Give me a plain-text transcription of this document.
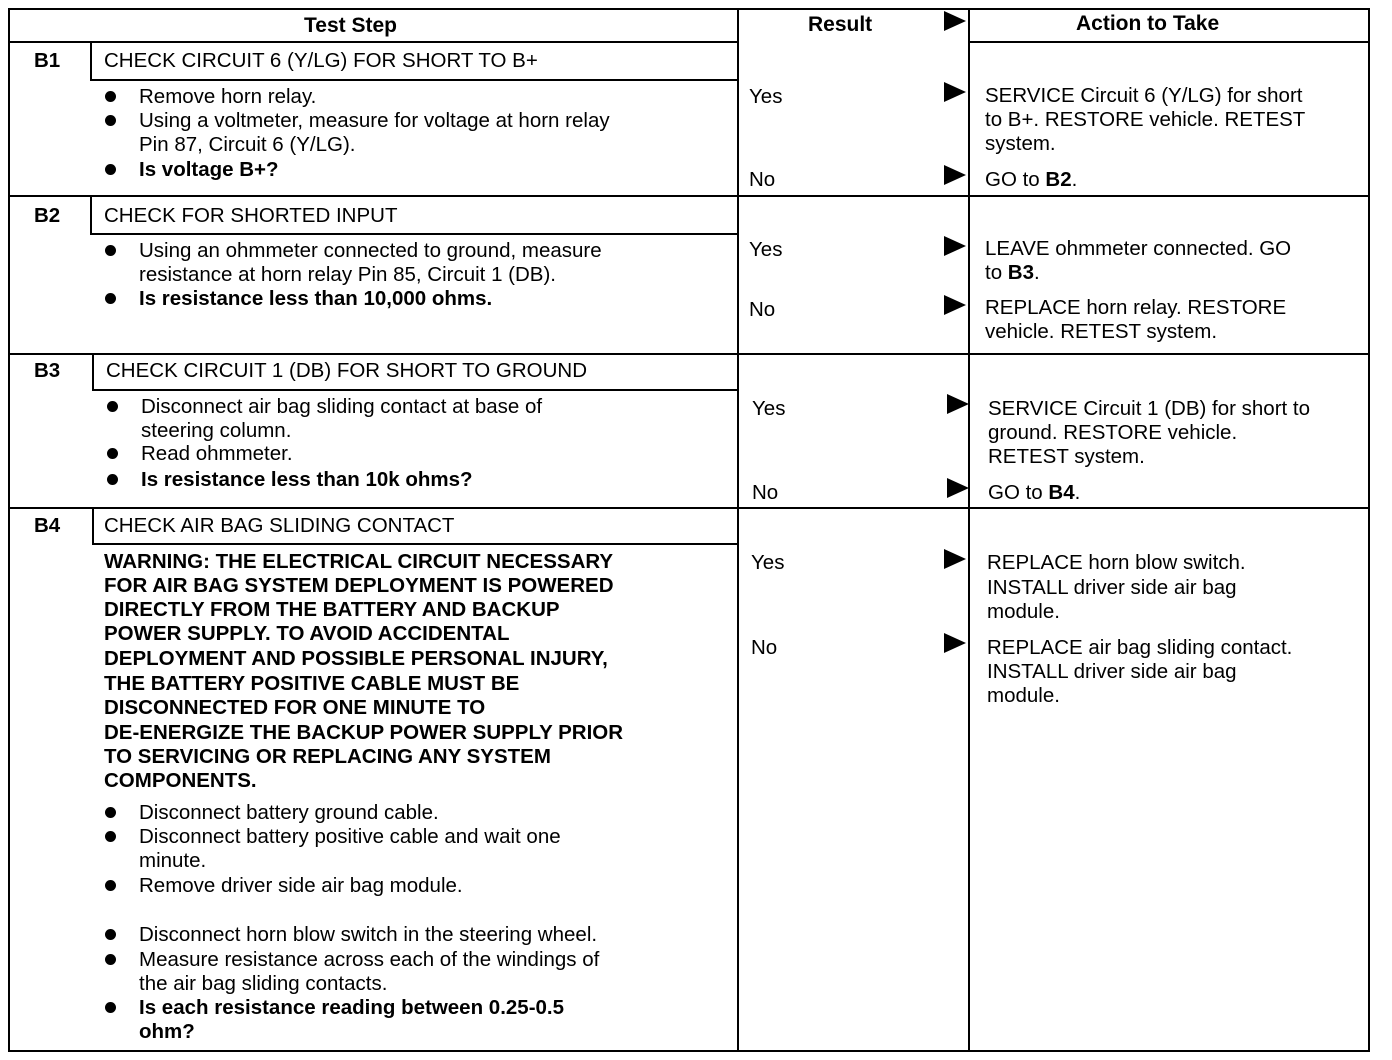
Test Step	Result	Action to Take
B1 CHECK CIRCUIT 6 (Y/LG) FOR SHORT TO B+
Remove horn relay.
Using a voltmeter, measure for voltage at horn relay
Pin 87, Circuit 6 (Y/LG).
Is voltage B+?
Yes	SERVICE Circuit 6 (Y/LG) for short
to B+. RESTORE vehicle. RETEST
system.
No	GO to B2.
B2 CHECK FOR SHORTED INPUT
Using an ohmmeter connected to ground, measure
resistance at horn relay Pin 85, Circuit 1 (DB).
Is resistance less than 10,000 ohms.
Yes	LEAVE ohmmeter connected. GO
to B3.
No	REPLACE horn relay. RESTORE
vehicle. RETEST system.
B3 CHECK CIRCUIT 1 (DB) FOR SHORT TO GROUND
Disconnect air bag sliding contact at base of
steering column.
Read ohmmeter.
Is resistance less than 10k ohms?
Yes	SERVICE Circuit 1 (DB) for short to
ground. RESTORE vehicle.
RETEST system.
No	GO to B4.
B4 CHECK AIR BAG SLIDING CONTACT
WARNING: THE ELECTRICAL CIRCUIT NECESSARY
FOR AIR BAG SYSTEM DEPLOYMENT IS POWERED
DIRECTLY FROM THE BATTERY AND BACKUP
POWER SUPPLY. TO AVOID ACCIDENTAL
DEPLOYMENT AND POSSIBLE PERSONAL INJURY,
THE BATTERY POSITIVE CABLE MUST BE
DISCONNECTED FOR ONE MINUTE TO
DE-ENERGIZE THE BACKUP POWER SUPPLY PRIOR
TO SERVICING OR REPLACING ANY SYSTEM
COMPONENTS.
Disconnect battery ground cable.
Disconnect battery positive cable and wait one
minute.
Remove driver side air bag module.
Disconnect horn blow switch in the steering wheel.
Measure resistance across each of the windings of
the air bag sliding contacts.
Is each resistance reading between 0.25-0.5
ohm?
Yes	REPLACE horn blow switch.
INSTALL driver side air bag
module.
No	REPLACE air bag sliding contact.
INSTALL driver side air bag
module.
